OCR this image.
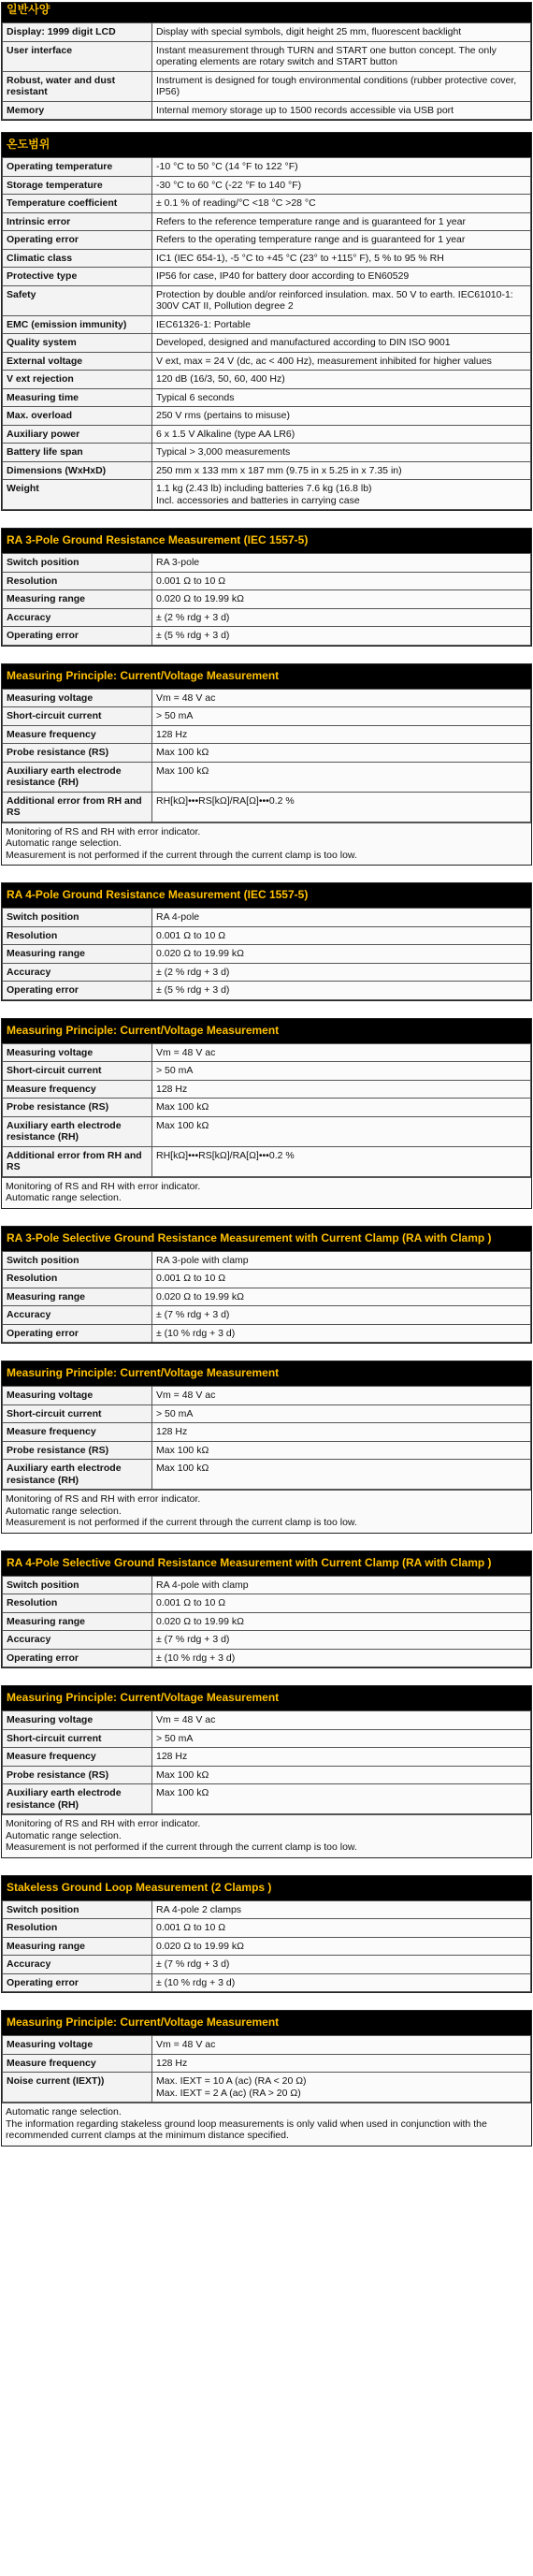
일반사양
Display: 1999 digit LCD	Display with special symbols, digit height 25 mm, fluorescent backlight
User interface	Instant measurement through TURN and START one button concept. The only operating elements are rotary switch and START button
Robust, water and dust resistant	Instrument is designed for tough environmental conditions (rubber protective cover, IP56)
Memory	Internal memory storage up to 1500 records accessible via USB port
온도범위
Operating temperature	-10 °C to 50 °C (14 °F to 122 °F)
Storage temperature	-30 °C to 60 °C (-22 °F to 140 °F)
Temperature coefficient	± 0.1 % of reading/°C <18 °C >28 °C
Intrinsic error	Refers to the reference temperature range and is guaranteed for 1 year
Operating error	Refers to the operating temperature range and is guaranteed for 1 year
Climatic class	IC1 (IEC 654-1), -5 °C to +45 °C (23° to +115° F), 5 % to 95 % RH
Protective type	IP56 for case, IP40 for battery door according to EN60529
Safety	Protection by double and/or reinforced insulation. max. 50 V to earth. IEC61010-1: 300V CAT II, Pollution degree 2
EMC (emission immunity)	IEC61326-1: Portable
Quality system	Developed, designed and manufactured according to DIN ISO 9001
External voltage	V ext, max = 24 V (dc, ac < 400 Hz), measurement inhibited for higher values
V ext rejection	120 dB (16/3, 50, 60, 400 Hz)
Measuring time	Typical 6 seconds
Max. overload	250 V rms (pertains to misuse)
Auxiliary power	6 x 1.5 V Alkaline (type AA LR6)
Battery life span	Typical > 3,000 measurements
Dimensions (WxHxD)	250 mm x 133 mm x 187 mm (9.75 in x 5.25 in x 7.35 in)
Weight	1.1 kg (2.43 lb) including batteries 7.6 kg (16.8 lb)
Incl. accessories and batteries in carrying case
RA 3-Pole Ground Resistance Measurement (IEC 1557-5)
Switch position	RA 3-pole
Resolution	0.001 Ω to 10 Ω
Measuring range	0.020 Ω to 19.99 kΩ
Accuracy	± (2 % rdg + 3 d)
Operating error	± (5 % rdg + 3 d)
Measuring Principle: Current/Voltage Measurement
Measuring voltage	Vm = 48 V ac
Short-circuit current	> 50 mA
Measure frequency	128 Hz
Probe resistance (RS)	Max 100 kΩ
Auxiliary earth electrode resistance (RH)	Max 100 kΩ
Additional error from RH and RS	RH[kΩ]•••RS[kΩ]/RA[Ω]•••0.2 %
Monitoring of RS and RH with error indicator.
Automatic range selection.
Measurement is not performed if the current through the current clamp is too low.
RA 4-Pole Ground Resistance Measurement (IEC 1557-5)
Switch position	RA 4-pole
Resolution	0.001 Ω to 10 Ω
Measuring range	0.020 Ω to 19.99 kΩ
Accuracy	± (2 % rdg + 3 d)
Operating error	± (5 % rdg + 3 d)
Measuring Principle: Current/Voltage Measurement
Measuring voltage	Vm = 48 V ac
Short-circuit current	> 50 mA
Measure frequency	128 Hz
Probe resistance (RS)	Max 100 kΩ
Auxiliary earth electrode resistance (RH)	Max 100 kΩ
Additional error from RH and RS	RH[kΩ]•••RS[kΩ]/RA[Ω]•••0.2 %
Monitoring of RS and RH with error indicator.
Automatic range selection.
RA 3-Pole Selective Ground Resistance Measurement with Current Clamp (RA with Clamp )
Switch position	RA 3-pole with clamp
Resolution	0.001 Ω to 10 Ω
Measuring range	0.020 Ω to 19.99 kΩ
Accuracy	± (7 % rdg + 3 d)
Operating error	± (10 % rdg + 3 d)
Measuring Principle: Current/Voltage Measurement
Measuring voltage	Vm = 48 V ac
Short-circuit current	> 50 mA
Measure frequency	128 Hz
Probe resistance (RS)	Max 100 kΩ
Auxiliary earth electrode resistance (RH)	Max 100 kΩ
Monitoring of RS and RH with error indicator.
Automatic range selection.
Measurement is not performed if the current through the current clamp is too low.
RA 4-Pole Selective Ground Resistance Measurement with Current Clamp (RA with Clamp )
Switch position	RA 4-pole with clamp
Resolution	0.001 Ω to 10 Ω
Measuring range	0.020 Ω to 19.99 kΩ
Accuracy	± (7 % rdg + 3 d)
Operating error	± (10 % rdg + 3 d)
Measuring Principle: Current/Voltage Measurement
Measuring voltage	Vm = 48 V ac
Short-circuit current	> 50 mA
Measure frequency	128 Hz
Probe resistance (RS)	Max 100 kΩ
Auxiliary earth electrode resistance (RH)	Max 100 kΩ
Monitoring of RS and RH with error indicator.
Automatic range selection.
Measurement is not performed if the current through the current clamp is too low.
Stakeless Ground Loop Measurement (2 Clamps )
Switch position	RA 4-pole 2 clamps
Resolution	0.001 Ω to 10 Ω
Measuring range	0.020 Ω to 19.99 kΩ
Accuracy	± (7 % rdg + 3 d)
Operating error	± (10 % rdg + 3 d)
Measuring Principle: Current/Voltage Measurement
Measuring voltage	Vm = 48 V ac
Measure frequency	128 Hz
Noise current (IEXT))	Max. IEXT = 10 A (ac) (RA < 20 Ω)
Max. IEXT = 2 A (ac) (RA > 20 Ω)
Automatic range selection.
The information regarding stakeless ground loop measurements is only valid when used in conjunction with the recommended current clamps at the minimum distance specified.
